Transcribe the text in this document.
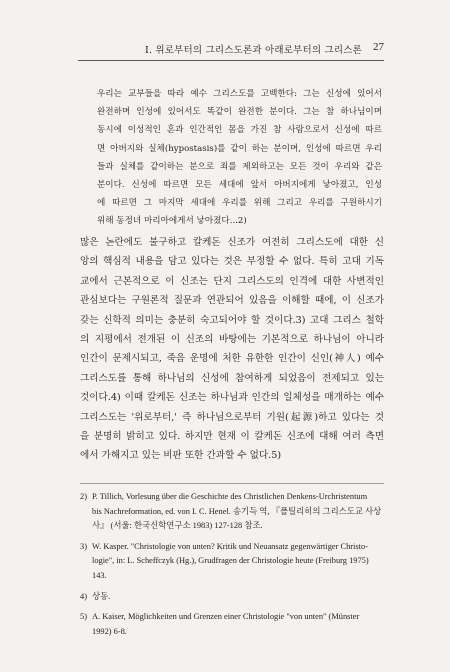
I. 위로부터의 그리스도론과 아래로부터의 그리스론 27
우리는 교부들을 따라 예수 그리스도를 고백한다: 그는 신성에 있어서
완전하며 인성에 있어서도 똑같이 완전한 분이다. 그는 참 하나님이며
동시에 이성적인 혼과 인간적인 몸을 가진 참 사람으로서 신성에 따르
면 아버지와 실체(hypostasis)를 같이 하는 분이며, 인성에 따르면 우리
들과 실체를 같이하는 분으로 죄를 제외하고는 모든 것이 우리와 같은
분이다. 신성에 따르면 모든 세대에 앞서 아버지에게 낳아졌고, 인성
에 따르면 그 마지막 세대에 우리를 위해 그리고 우리를 구원하시기
위해 동정녀 마리아에게서 낳아졌다...2)
많은 논란에도 불구하고 칼케돈 신조가 여전히 그리스도에 대한 신
앙의 핵심적 내용을 담고 있다는 것은 부정할 수 없다. 특히 고대 기독
교에서 근본적으로 이 신조는 단지 그리스도의 인격에 대한 사변적인
관심보다는 구원론적 질문과 연관되어 있음을 이해할 때에, 이 신조가
갖는 신학적 의미는 충분히 숙고되어야 할 것이다.3) 고대 그리스 철학
의 지평에서 전개된 이 신조의 바탕에는 기본적으로 하나님이 아니라
인간이 문제시되고, 죽음 운명에 처한 유한한 인간이 신인(神人) 예수
그리스도를 통해 하나님의 신성에 참여하게 되었음이 전제되고 있는
것이다.4) 이때 칼케돈 신조는 하나님과 인간의 일체성을 매개하는 예수
그리스도는 '위로부터,' 즉 하나님으로부터 기원(起源)하고 있다는 것
을 분명히 밝히고 있다. 하지만 현재 이 칼케돈 신조에 대해 여러 측면
에서 가해지고 있는 비판 또한 간과할 수 없다.5)
2) P. Tillich, Vorlesung über die Geschichte des Christlichen Denkens-Urchristentum
bis Nachreformation, ed. von I. C. Henel. 송기득 역, 『폴틸리히의 그리스도교 사상
사』 (서울: 한국신학연구소 1983) 127-128 참조.
3) W. Kasper. "Christologie von unten? Kritik und Neuansatz gegenwärtiger Christo-
logie", in: L. Scheffczyk (Hg.), Grudfragen der Christologie heute (Freiburg 1975)
143.
4) 상동.
5) A. Kaiser, Möglichkeiten und Grenzen einer Christologie "von unten" (Münster
1992) 6-8.
